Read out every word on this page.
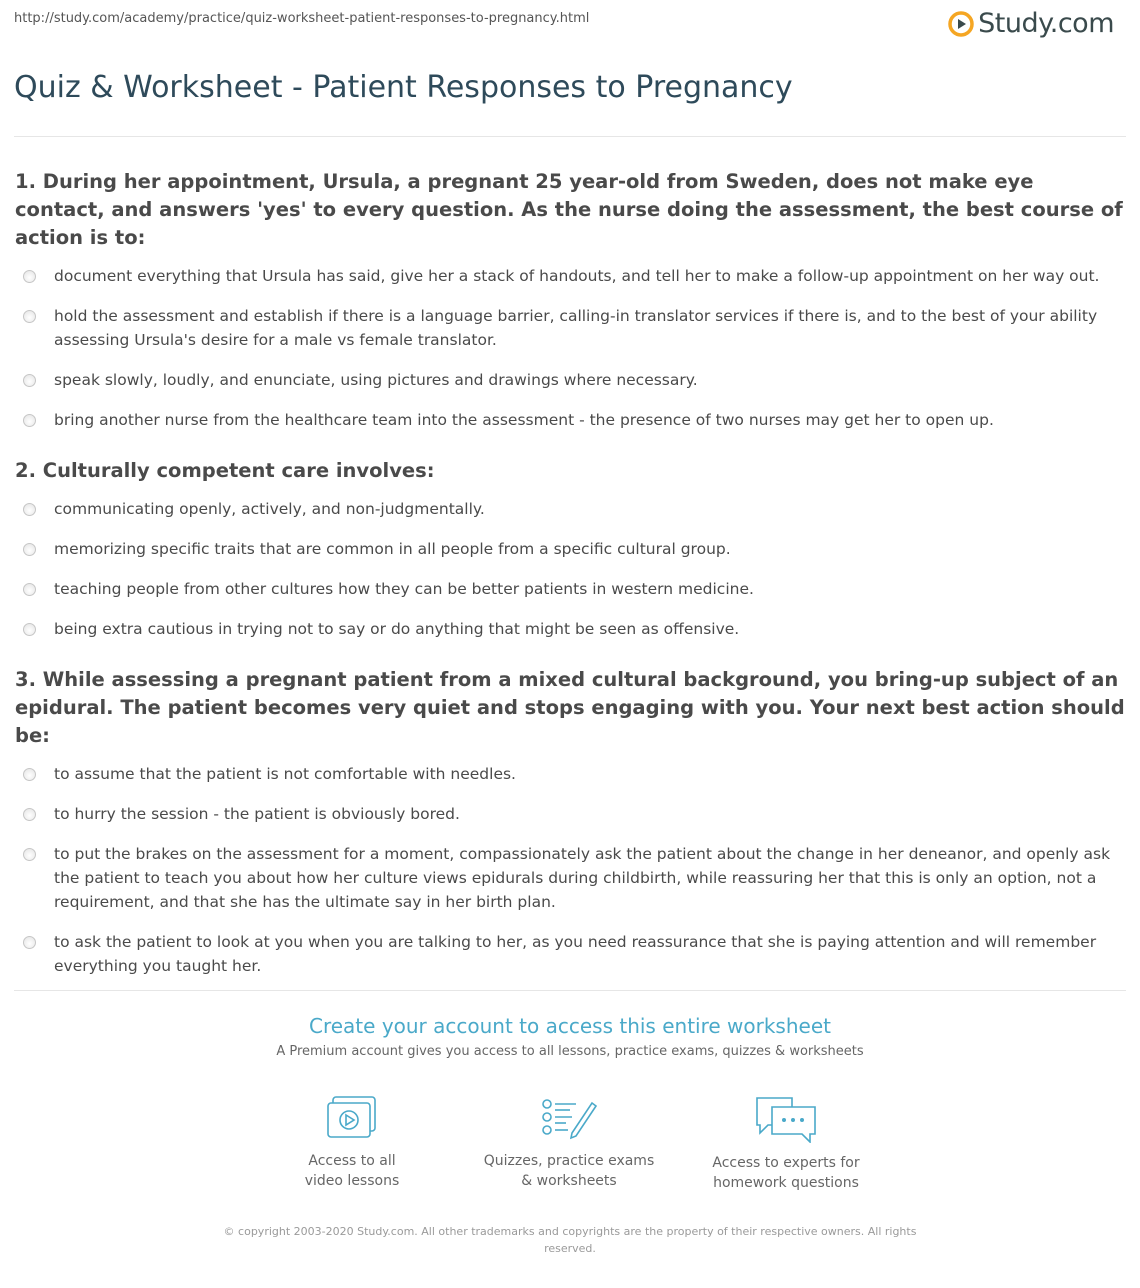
http://study.com/academy/practice/quiz-worksheet-patient-responses-to-pregnancy.html	Study.com
Quiz & Worksheet - Patient Responses to Pregnancy

1. During her appointment, Ursula, a pregnant 25 year-old from Sweden, does not make eye contact, and answers 'yes' to every question. As the nurse doing the assessment, the best course of action is to:

document everything that Ursula has said, give her a stack of handouts, and tell her to make a follow-up appointment on her way out.
hold the assessment and establish if there is a language barrier, calling-in translator services if there is, and to the best of your ability assessing Ursula's desire for a male vs female translator.
speak slowly, loudly, and enunciate, using pictures and drawings where necessary.
bring another nurse from the healthcare team into the assessment - the presence of two nurses may get her to open up.

2. Culturally competent care involves:

communicating openly, actively, and non-judgmentally.
memorizing specific traits that are common in all people from a specific cultural group.
teaching people from other cultures how they can be better patients in western medicine.
being extra cautious in trying not to say or do anything that might be seen as offensive.

3. While assessing a pregnant patient from a mixed cultural background, you bring-up subject of an epidural. The patient becomes very quiet and stops engaging with you. Your next best action should be:

to assume that the patient is not comfortable with needles.
to hurry the session - the patient is obviously bored.
to put the brakes on the assessment for a moment, compassionately ask the patient about the change in her deneanor, and openly ask the patient to teach you about how her culture views epidurals during childbirth, while reassuring her that this is only an option, not a requirement, and that she has the ultimate say in her birth plan.
to ask the patient to look at you when you are talking to her, as you need reassurance that she is paying attention and will remember everything you taught her.
Create your account to access this entire worksheet
A Premium account gives you access to all lessons, practice exams, quizzes & worksheets
Access to all
video lessons
Quizzes, practice exams
& worksheets
Access to experts for
homework questions
© copyright 2003-2020 Study.com. All other trademarks and copyrights are the property of their respective owners. All rights reserved.
